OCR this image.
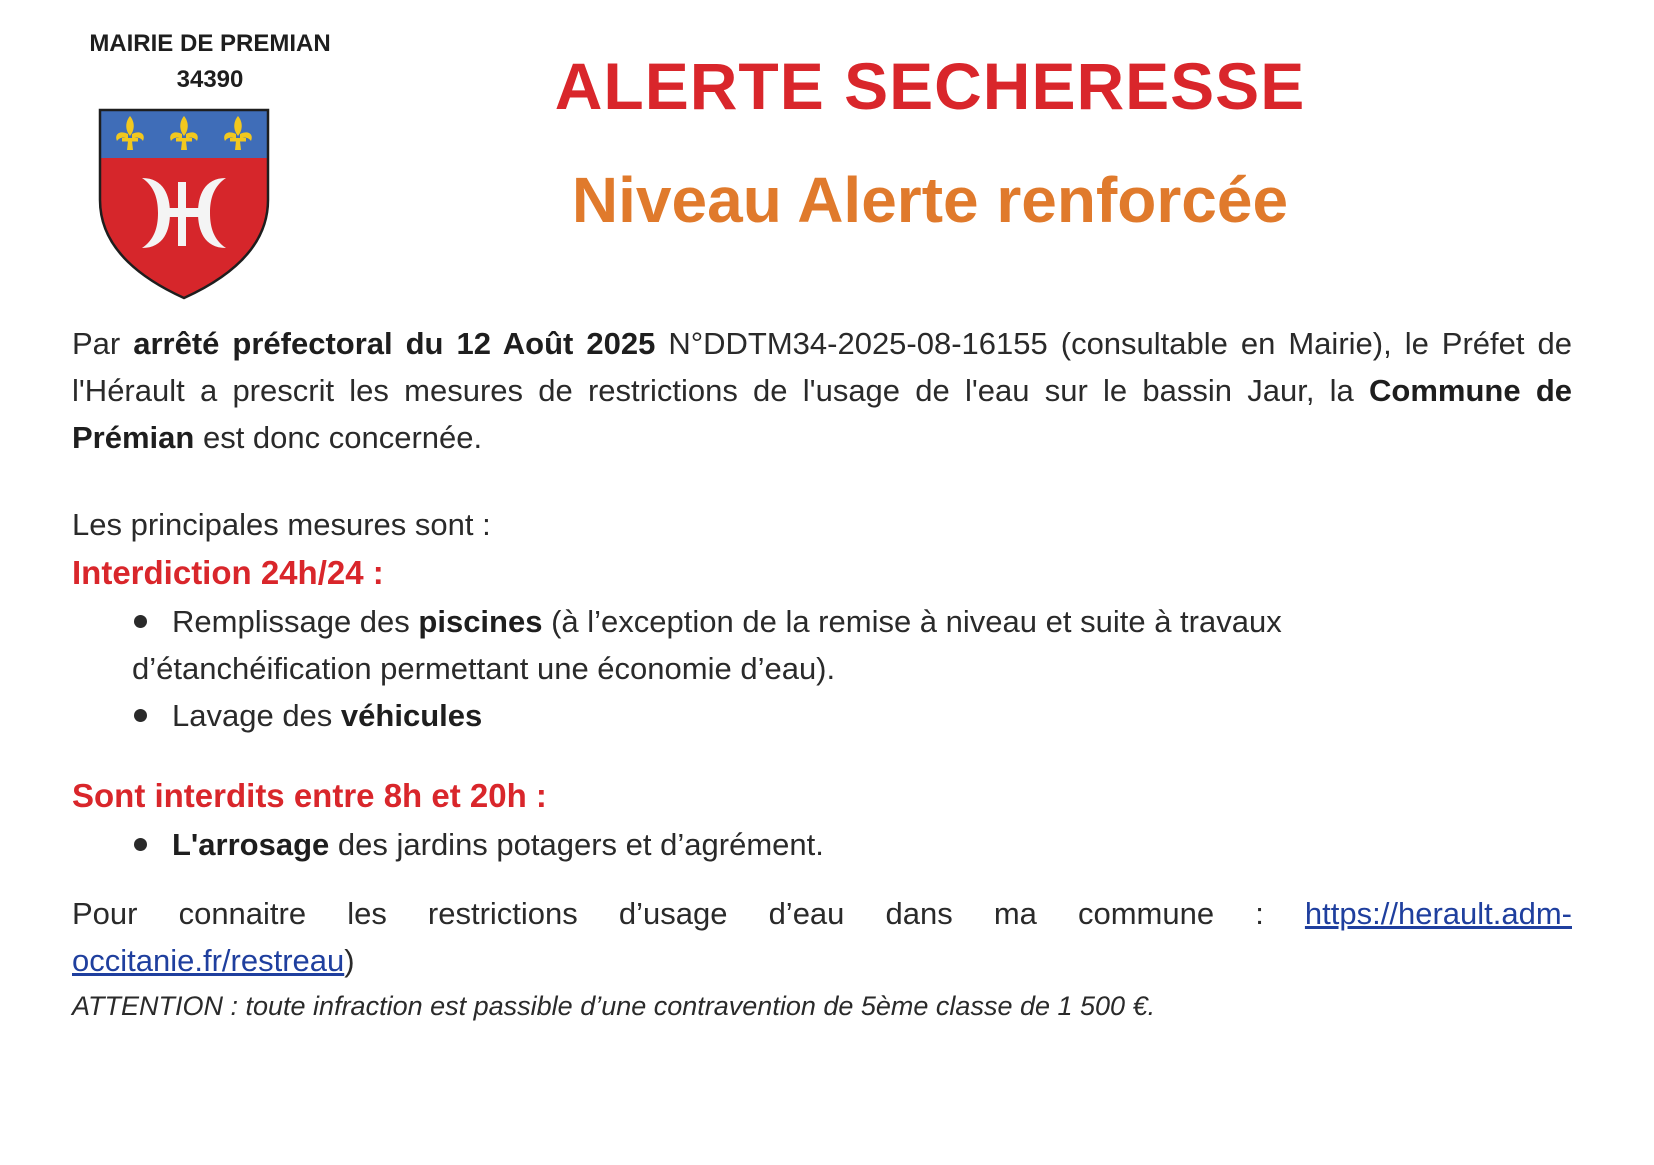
MAIRIE DE PREMIAN
34390	ALERTE SECHERESSE
Niveau Alerte renforcée

Par arrêté préfectoral du 12 Août 2025 N°DDTM34-2025-08-16155 (consultable en Mairie), le Préfet de l'Hérault a prescrit les mesures de restrictions de l'usage de l'eau sur le bassin Jaur, la Commune de Prémian est donc concernée.

Les principales mesures sont :

Interdiction 24h/24 :

Remplissage des piscines (à l’exception de la remise à niveau et suite à travaux
d’étanchéification permettant une économie d’eau).
Lavage des véhicules

Sont interdits entre 8h et 20h :

L'arrosage des jardins potagers et d’agrément.

Pour connaitre les restrictions d’usage d’eau dans ma commune : https://herault.adm-occitanie.fr/restreau)

ATTENTION : toute infraction est passible d’une contravention de 5ème classe de 1 500 €.
